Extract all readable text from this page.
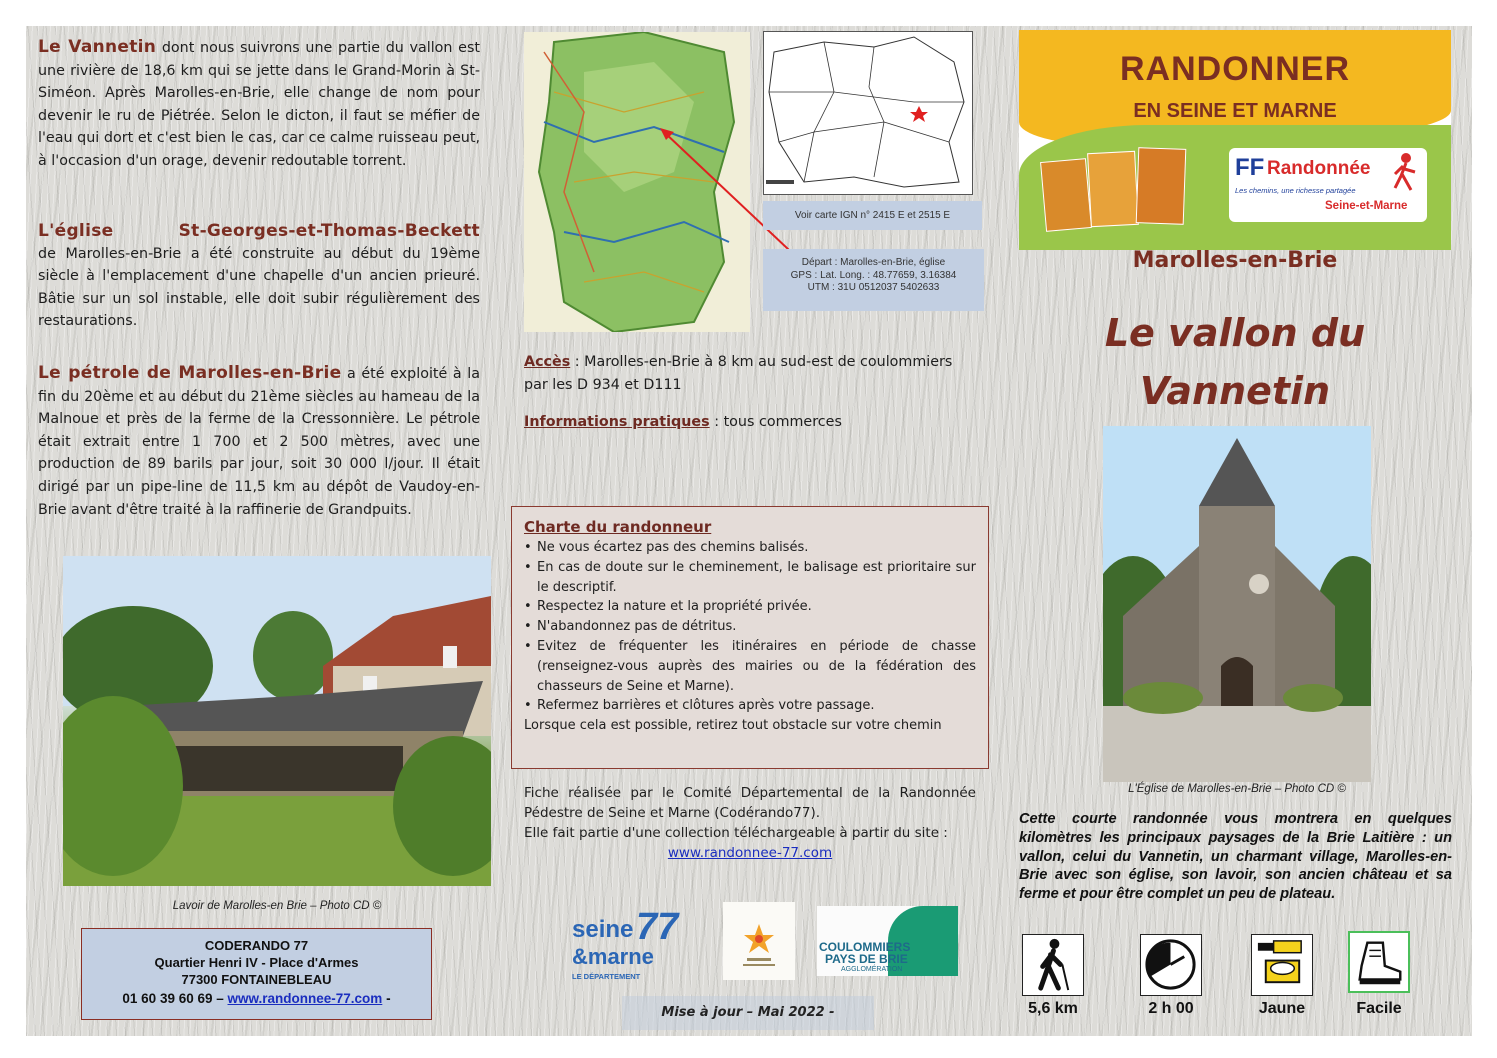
Le Vannetin dont nous suivrons une partie du vallon est une rivière de 18,6 km qui se jette dans le Grand-Morin à St-Siméon. Après Marolles-en-Brie, elle change de nom pour devenir le ru de Piétrée. Selon le dicton, il faut se méfier de l'eau qui dort et c'est bien le cas, car ce calme ruisseau peut, à l'occasion d'un orage, devenir redoutable torrent.
L'église St-Georges-et-Thomas-Beckett
de Marolles-en-Brie a été construite au début du 19ème siècle à l'emplacement d'une chapelle d'un ancien prieuré. Bâtie sur un sol instable, elle doit subir régulièrement des restaurations.
Le pétrole de Marolles-en-Brie a été exploité à la fin du 20ème et au début du 21ème siècles au hameau de la Malnoue et près de la ferme de la Cressonnière. Le pétrole était extrait entre 1 700 et 2 500 mètres, avec une production de 89 barils par jour, soit 30 000 l/jour. Il était dirigé par un pipe-line de 11,5 km au dépôt de Vaudoy-en-Brie avant d'être traité à la raffinerie de Grandpuits.
Lavoir de Marolles-en Brie – Photo CD ©
CODERANDO 77
Quartier Henri IV - Place d'Armes
77300 FONTAINEBLEAU
01 60 39 60 69 – www.randonnee-77.com -
Voir carte IGN n° 2415 E et 2515 E
Départ : Marolles-en-Brie, église
GPS : Lat. Long. : 48.77659, 3.16384
UTM : 31U 0512037 5402633
Accès : Marolles-en-Brie à 8 km au sud-est de coulommiers par les D 934 et D111
Informations pratiques : tous commerces
Charte du randonneur
• Ne vous écartez pas des chemins balisés.
• En cas de doute sur le cheminement, le balisage est prioritaire sur le descriptif.
• Respectez la nature et la propriété privée.
• N'abandonnez pas de détritus.
• Evitez de fréquenter les itinéraires en période de chasse (renseignez-vous auprès des mairies ou de la fédération des chasseurs de Seine et Marne).
• Refermez barrières et clôtures après votre passage.
Lorsque cela est possible, retirez tout obstacle sur votre chemin
Fiche réalisée par le Comité Départemental de la Randonnée Pédestre de Seine et Marne (Codérando77).
Elle fait partie d'une collection téléchargeable à partir du site :
www.randonnee-77.com
seine 77
&marne
LE DÉPARTEMENT
COULOMMIERS
PAYS DE BRIE
AGGLOMÉRATION
Mise à jour – Mai 2022 -
RANDONNER
EN SEINE ET MARNE
FF Randonnée
Les chemins, une richesse partagée
Seine-et-Marne
Marolles-en-Brie
Le vallon du
Vannetin
L'Église de Marolles-en-Brie – Photo CD ©
Cette courte randonnée vous montrera en quelques kilomètres les principaux paysages de la Brie Laitière : un vallon, celui du Vannetin, un charmant village, Marolles-en-Brie avec son église, son lavoir, son ancien château et sa ferme et pour être complet un peu de plateau.
5,6 km	2 h 00	Jaune	Facile
